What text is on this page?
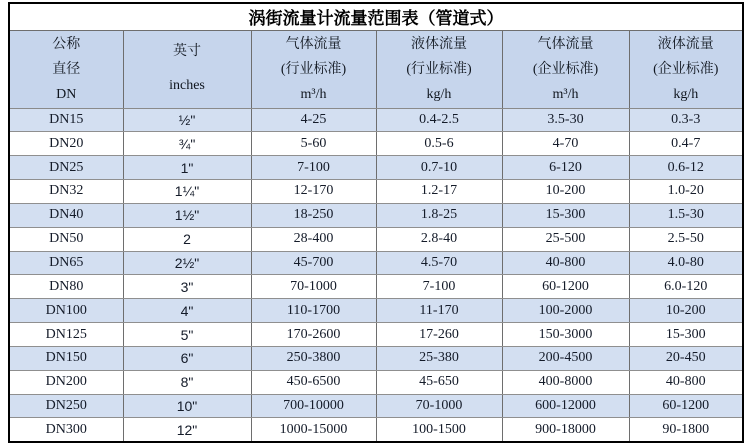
涡街流量计流量范围表（管道式）					

公称
直径
DN

英寸
inches

气体流量
(行业标准)
m³/h

液体流量
(行业标准)
kg/h

气体流量
(企业标准)
m³/h

液体流量
(企业标准)
kg/h

DN15	½"	4-25	0.4-2.5	3.5-30	0.3-3
DN20	¾"	5-60	0.5-6	4-70	0.4-7
DN25	1"	7-100	0.7-10	6-120	0.6-12
DN32	1¼"	12-170	1.2-17	10-200	1.0-20
DN40	1½"	18-250	1.8-25	15-300	1.5-30
DN50	2	28-400	2.8-40	25-500	2.5-50
DN65	2½"	45-700	4.5-70	40-800	4.0-80
DN80	3"	70-1000	7-100	60-1200	6.0-120
DN100	4"	110-1700	11-170	100-2000	10-200
DN125	5"	170-2600	17-260	150-3000	15-300
DN150	6"	250-3800	25-380	200-4500	20-450
DN200	8"	450-6500	45-650	400-8000	40-800
DN250	10"	700-10000	70-1000	600-12000	60-1200
DN300	12"	1000-15000	100-1500	900-18000	90-1800
